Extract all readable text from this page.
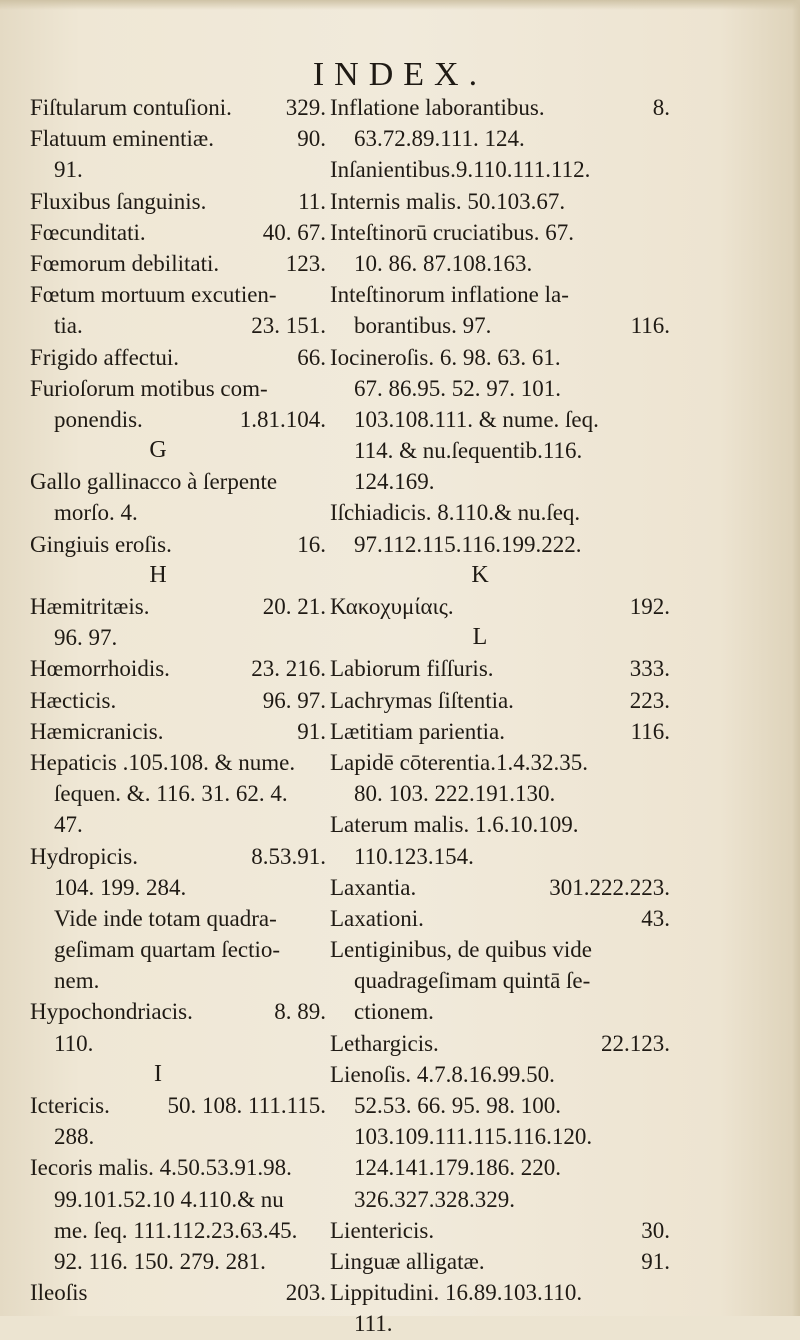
INDEX.
Fiſtularum contuſioni. 329.
Flatuum eminentiæ.	90.
91.
Fluxibus ſanguinis.	11.
Fœcunditati.	40. 67.
Fœmorum debilitati.	123.
Fœtum mortuum excutien-
tia.	23. 151.
Frigido affectui.	66.
Furioſorum motibus com-
ponendis.	1.81.104.
G
Gallo gallinacco à ſerpente
morſo. 4.
Gingiuis eroſis.	16.
H
Hæmitritæis.	20. 21.
96. 97.
Hœmorrhoidis.	23. 216.
Hæcticis.	96. 97.
Hæmicranicis.	91.
Hepaticis .105.108. & nume.
ſequen. &. 116. 31. 62. 4.
47.
Hydropicis.	8.53.91.
104. 199. 284.
Vide inde totam quadra-
geſimam quartam ſectio-
nem.
Hypochondriacis.	8. 89.
110.
I
Ictericis.	50. 108. 111.115.
288.
Iecoris malis. 4.50.53.91.98.
99.101.52.10 4.110.& nu
me. ſeq. 111.112.23.63.45.
92. 116. 150. 279. 281.
Ileoſis	203.
Inflatione laborantibus.	8.
63.72.89.111. 124.
Inſanientibus.9.110.111.112.
Internis malis. 50.103.67.
Inteſtinorū cruciatibus. 67.
10. 86. 87.108.163.
Inteſtinorum inflatione la-
borantibus. 97.	116.
Iocineroſis. 6. 98. 63. 61.
67. 86.95. 52. 97. 101.
103.108.111. & nume. ſeq.
114. & nu.ſequentib.116.
124.169.
Iſchiadicis. 8.110.& nu.ſeq.
97.112.115.116.199.222.
K
Κακοχυμίαις.	192.
L
Labiorum fiſſuris.	333.
Lachrymas ſiſtentia.	223.
Lætitiam parientia.	116.
Lapidē cōterentia.1.4.32.35.
80. 103. 222.191.130.
Laterum malis. 1.6.10.109.
110.123.154.
Laxantia.	301.222.223.
Laxationi.	43.
Lentiginibus, de quibus vide
quadrageſimam quintā ſe-
ctionem.
Lethargicis.	22.123.
Lienoſis. 4.7.8.16.99.50.
52.53. 66. 95. 98. 100.
103.109.111.115.116.120.
124.141.179.186. 220.
326.327.328.329.
Lientericis.	30.
Linguæ alligatæ.	91.
Lippitudini. 16.89.103.110.
111.
